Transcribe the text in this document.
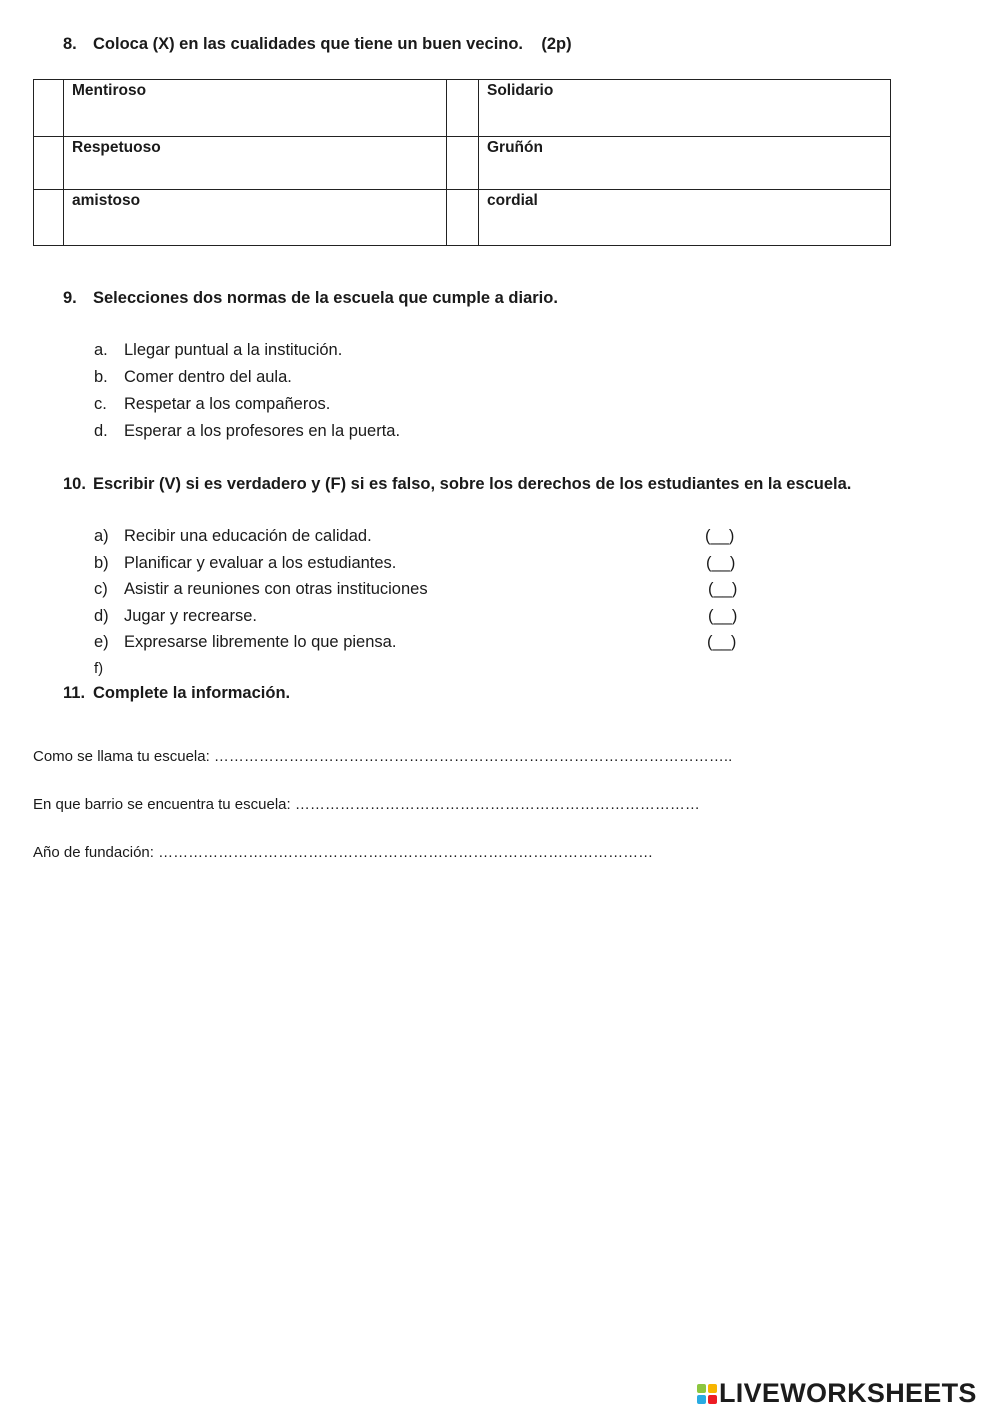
8. Coloca (X) en las cualidades que tiene un buen vecino.    (2p)
	Mentiroso		Solidario
	Respetuoso		Gruñón
	amistoso		cordial
9. Selecciones dos normas de la escuela que cumple a diario.
a. Llegar puntual a la institución.
b. Comer dentro del aula.
c. Respetar a los compañeros.
d. Esperar a los profesores en la puerta.
10. Escribir (V) si es verdadero y (F) si es falso, sobre los derechos de los estudiantes en la escuela.
a) Recibir una educación de calidad.	(__)
b) Planificar y evaluar a los estudiantes.	(__)
c) Asistir a reuniones con otras instituciones	(__)
d) Jugar y recrearse.	(__)
e) Expresarse libremente lo que piensa.	(__)
f)
11. Complete la información.
Como se llama tu escuela: …………………………………………………………………………………………..
En que barrio se encuentra tu escuela: ………………………………………………………………………
Año de fundación: ………………………………………………………………………………………
LIVEWORKSHEETS
